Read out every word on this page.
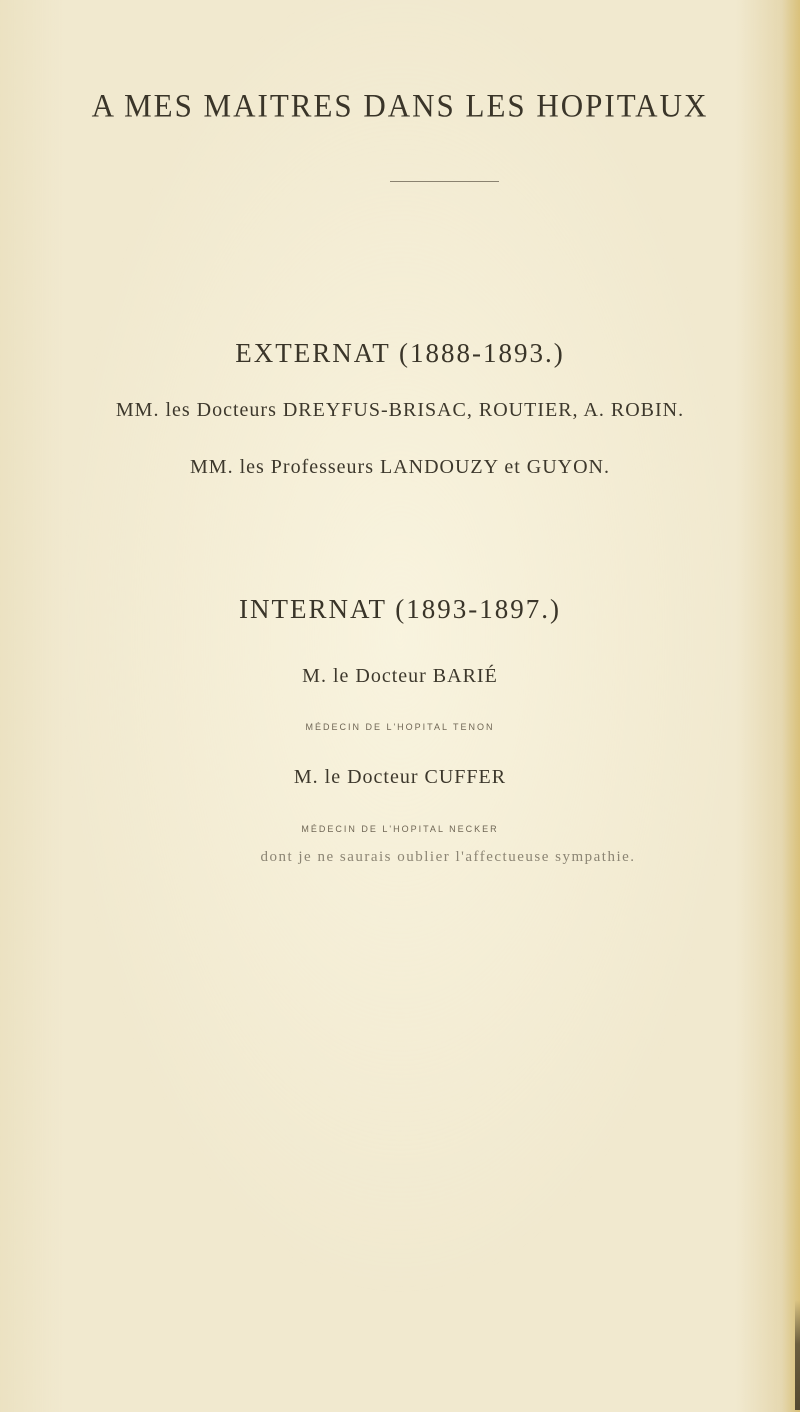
A MES MAITRES DANS LES HOPITAUX
EXTERNAT (1888-1893.)
MM. les Docteurs DREYFUS-BRISAC, ROUTIER, A. ROBIN.
MM. les Professeurs LANDOUZY et GUYON.
INTERNAT (1893-1897.)
M. le Docteur BARIÉ
MÉDECIN DE L'HOPITAL TENON
M. le Docteur CUFFER
MÉDECIN DE L'HOPITAL NECKER
dont je ne saurais oublier l'affectueuse sympathie.
